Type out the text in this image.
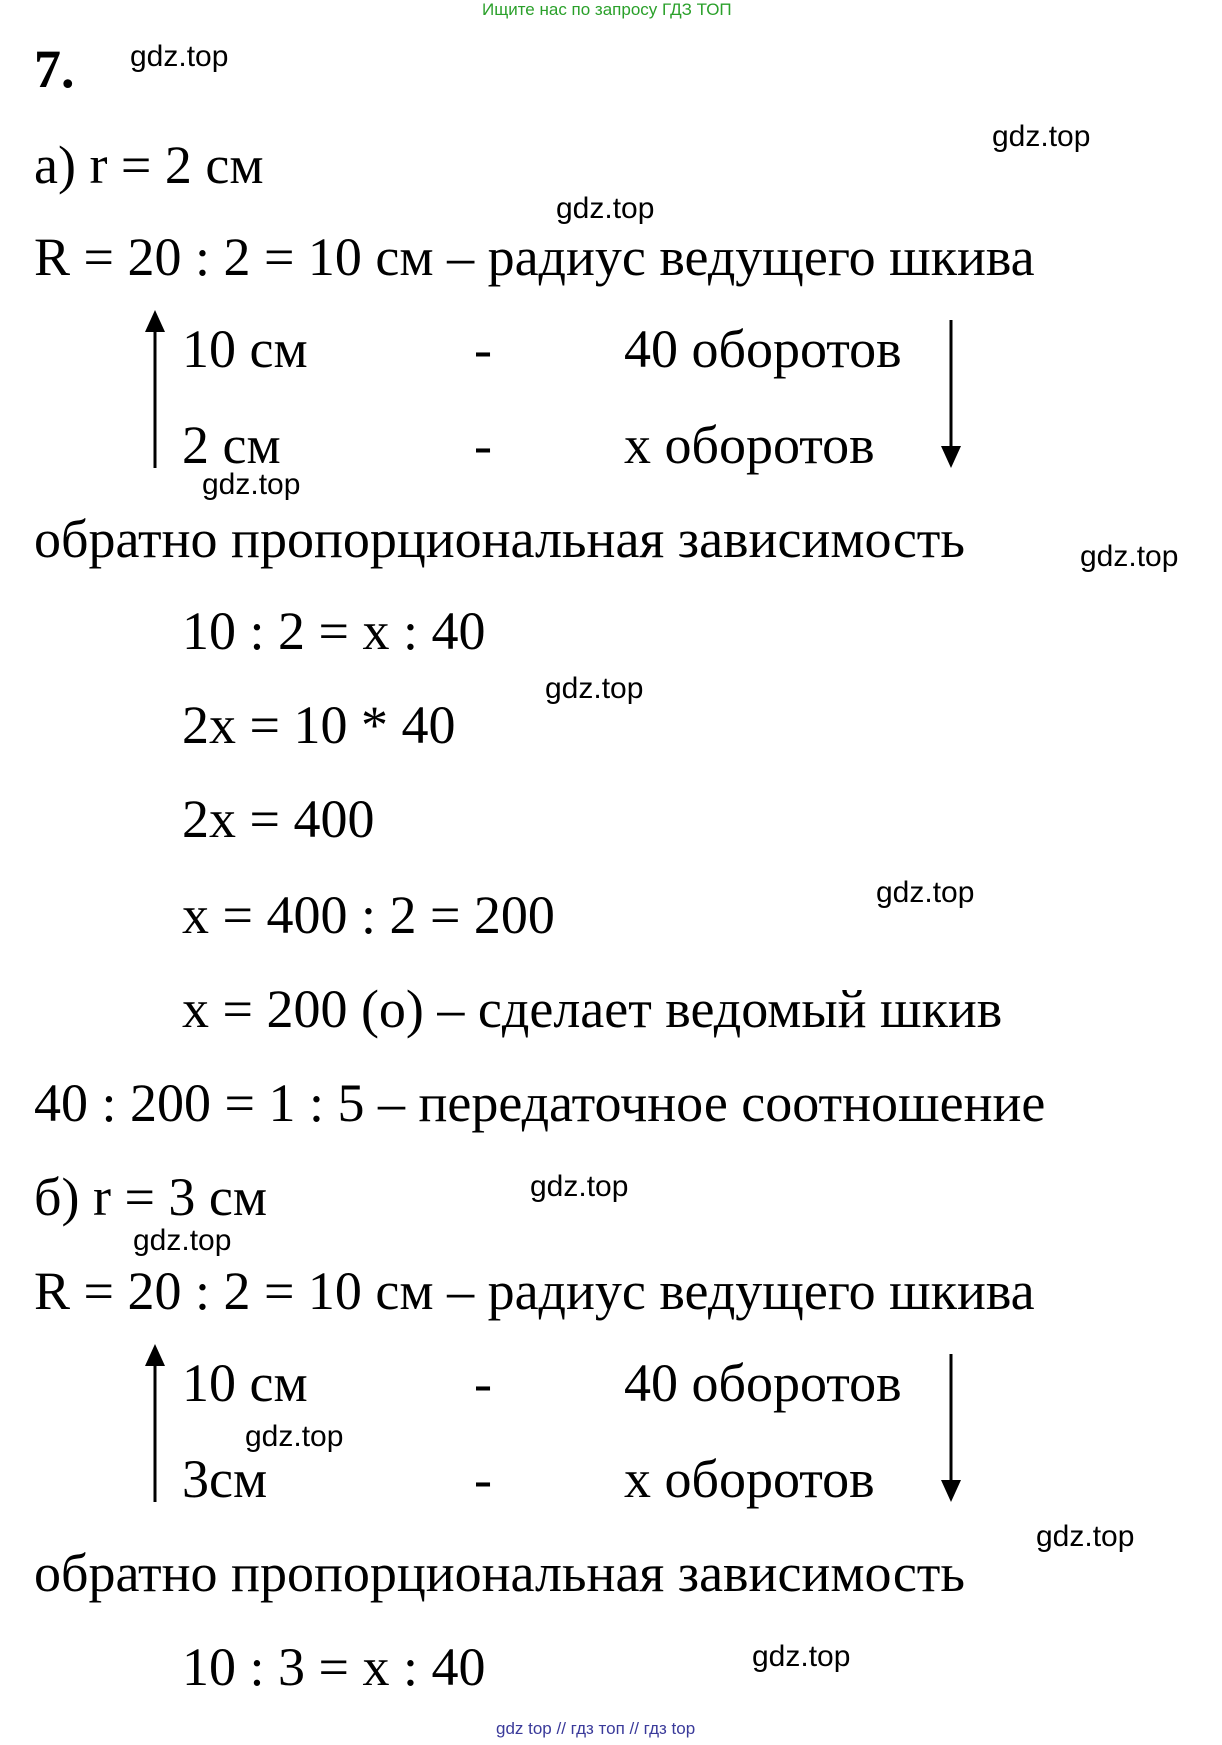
Ищите нас по запросу ГДЗ ТОП
7. gdz.top
gdz.top
gdz.top
gdz.top
gdz.top
gdz.top
gdz.top
gdz.top
gdz.top
gdz.top
gdz.top
gdz.top
а) r = 2 см
R = 20 : 2 = 10 см – радиус ведущего шкива
10 см	- 40 оборотов
2 см	- х оборотов
обратно пропорциональная зависимость
10 : 2 = х : 40
2х = 10 * 40
2х = 400
х = 400 : 2 = 200
х = 200 (о) – сделает ведомый шкив
40 : 200 = 1 : 5 – передаточное соотношение
б) r = 3 см
R = 20 : 2 = 10 см – радиус ведущего шкива
10 см	- 40 оборотов
3см	- х оборотов
обратно пропорциональная зависимость
10 : 3 = х : 40
gdz top // гдз топ // гдз top
